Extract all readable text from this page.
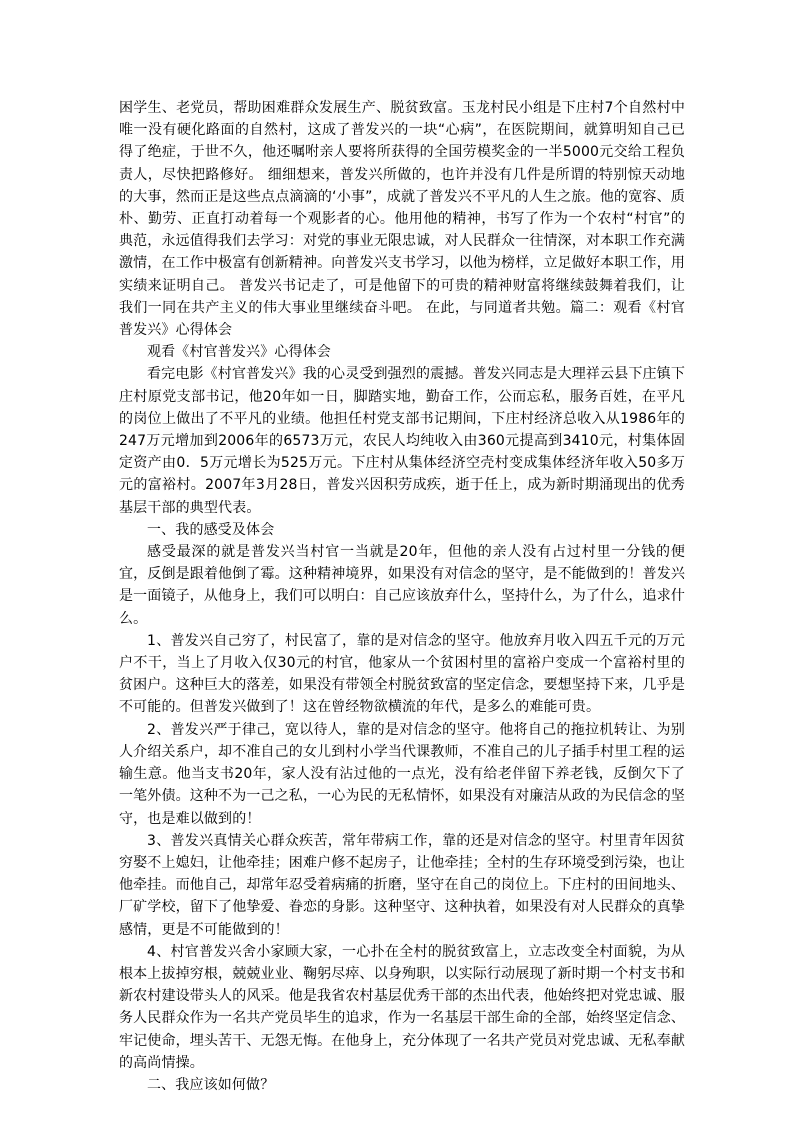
困学生、老党员，帮助困难群众发展生产、脱贫致富。玉龙村民小组是下庄村7个自然村中唯一没有硬化路面的自然村，这成了普发兴的一块“心病”，在医院期间，就算明知自己已得了绝症，于世不久，他还嘱咐亲人要将所获得的全国劳模奖金的一半5000元交给工程负责人，尽快把路修好。 细细想来，普发兴所做的，也许并没有几件是所谓的特别惊天动地的大事，然而正是这些点点滴滴的‘小事”，成就了普发兴不平凡的人生之旅。他的宽容、质朴、勤劳、正直打动着每一个观影者的心。他用他的精神，书写了作为一个农村“村官”的典范，永远值得我们去学习：对党的事业无限忠诚，对人民群众一往情深，对本职工作充满激情，在工作中极富有创新精神。向普发兴支书学习，以他为榜样，立足做好本职工作，用实绩来证明自己。 普发兴书记走了，可是他留下的可贵的精神财富将继续鼓舞着我们，让我们一同在共产主义的伟大事业里继续奋斗吧。 在此，与同道者共勉。篇二：观看《村官普发兴》心得体会

观看《村官普发兴》心得体会

看完电影《村官普发兴》我的心灵受到强烈的震撼。普发兴同志是大理祥云县下庄镇下庄村原党支部书记，他20年如一日，脚踏实地，勤奋工作，公而忘私，服务百姓，在平凡的岗位上做出了不平凡的业绩。他担任村党支部书记期间，下庄村经济总收入从1986年的247万元增加到2006年的6573万元，农民人均纯收入由360元提高到3410元，村集体固定资产由0．5万元增长为525万元。下庄村从集体经济空壳村变成集体经济年收入50多万元的富裕村。2007年3月28日，普发兴因积劳成疾，逝于任上，成为新时期涌现出的优秀基层干部的典型代表。

一、我的感受及体会

感受最深的就是普发兴当村官一当就是20年，但他的亲人没有占过村里一分钱的便宜，反倒是跟着他倒了霉。这种精神境界，如果没有对信念的坚守，是不能做到的！普发兴是一面镜子，从他身上，我们可以明白：自己应该放弃什么，坚持什么，为了什么，追求什么。

1、普发兴自己穷了，村民富了，靠的是对信念的坚守。他放弃月收入四五千元的万元户不干，当上了月收入仅30元的村官，他家从一个贫困村里的富裕户变成一个富裕村里的贫困户。这种巨大的落差，如果没有带领全村脱贫致富的坚定信念，要想坚持下来，几乎是不可能的。但普发兴做到了！这在曾经物欲横流的年代，是多么的难能可贵。

2、普发兴严于律己，宽以待人，靠的是对信念的坚守。他将自己的拖拉机转让、为别人介绍关系户，却不准自己的女儿到村小学当代课教师，不准自己的儿子插手村里工程的运输生意。他当支书20年，家人没有沾过他的一点光，没有给老伴留下养老钱，反倒欠下了一笔外债。这种不为一己之私，一心为民的无私情怀，如果没有对廉洁从政的为民信念的坚守，也是难以做到的！

3、普发兴真情关心群众疾苦，常年带病工作，靠的还是对信念的坚守。村里青年因贫穷娶不上媳妇，让他牵挂；困难户修不起房子，让他牵挂；全村的生存环境受到污染，也让他牵挂。而他自己，却常年忍受着病痛的折磨，坚守在自己的岗位上。下庄村的田间地头、厂矿学校，留下了他挚爱、眷恋的身影。这种坚守、这种执着，如果没有对人民群众的真挚感情，更是不可能做到的！

4、村官普发兴舍小家顾大家，一心扑在全村的脱贫致富上，立志改变全村面貌，为从根本上拔掉穷根，兢兢业业、鞠躬尽瘁、以身殉职，以实际行动展现了新时期一个村支书和新农村建设带头人的风采。他是我省农村基层优秀干部的杰出代表，他始终把对党忠诚、服务人民群众作为一名共产党员毕生的追求，作为一名基层干部生命的全部，始终坚定信念、牢记使命，埋头苦干、无怨无悔。在他身上，充分体现了一名共产党员对党忠诚、无私奉献的高尚情操。

二、我应该如何做？
